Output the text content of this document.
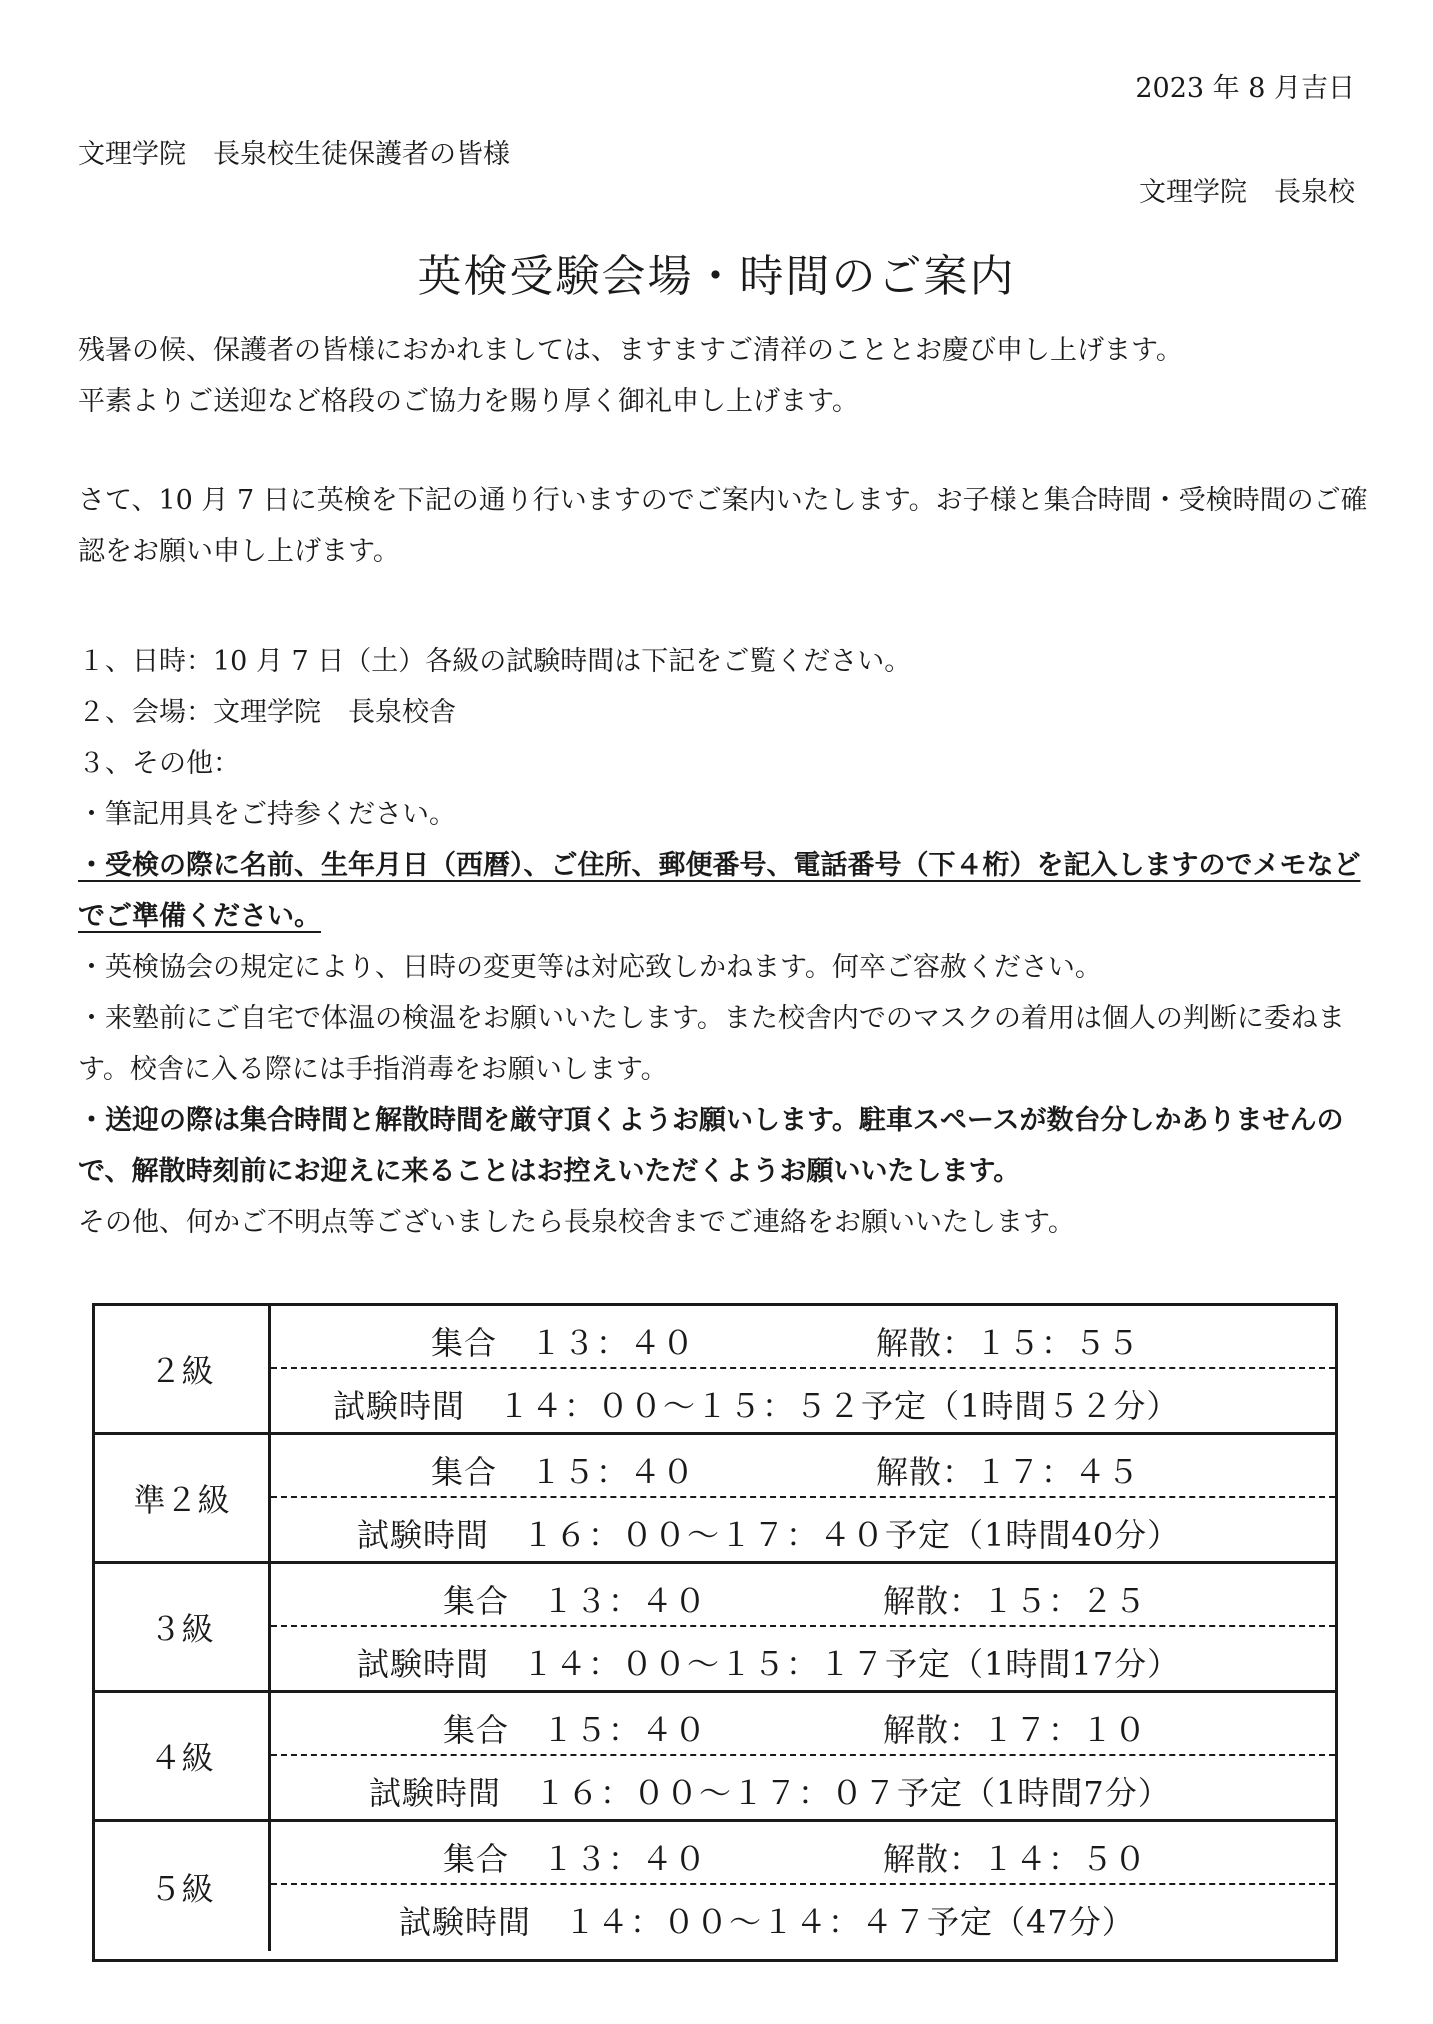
2023 年 8 月吉日
文理学院　長泉校生徒保護者の皆様
文理学院　長泉校
英検受験会場・時間のご案内
残暑の候、保護者の皆様におかれましては、ますますご清祥のこととお慶び申し上げます。
平素よりご送迎など格段のご協力を賜り厚く御礼申し上げます。
さて、10 月 7 日に英検を下記の通り行いますのでご案内いたします。お子様と集合時間・受検時間のご確認をお願い申し上げます。
１、日時：10 月 7 日（土）各級の試験時間は下記をご覧ください。
２、会場：文理学院　長泉校舎
３、その他：
・筆記用具をご持参ください。
・受検の際に名前、生年月日（西暦）、ご住所、郵便番号、電話番号（下４桁）を記入しますのでメモなどでご準備ください。
・英検協会の規定により、日時の変更等は対応致しかねます。何卒ご容赦ください。
・来塾前にご自宅で体温の検温をお願いいたします。また校舎内でのマスクの着用は個人の判断に委ねます。校舎に入る際には手指消毒をお願いします。
・送迎の際は集合時間と解散時間を厳守頂くようお願いします。駐車スペースが数台分しかありませんので、解散時刻前にお迎えに来ることはお控えいただくようお願いいたします。
その他、何かご不明点等ございましたら長泉校舎までご連絡をお願いいたします。
２級
集合　１３：４０	解散：１５：５５
試験時間　１４：００～１５：５２予定（1時間５２分）
準２級
集合　１５：４０	解散：１７：４５
試験時間　１６：００～１７：４０予定（1時間40分）
３級
集合　１３：４０	解散：１５：２５
試験時間　１４：００～１５：１７予定（1時間17分）
４級
集合　１５：４０	解散：１７：１０
試験時間　１６：００～１７：０７予定（1時間7分）
５級
集合　１３：４０	解散：１４：５０
試験時間　１４：００～１４：４７予定（47分）
